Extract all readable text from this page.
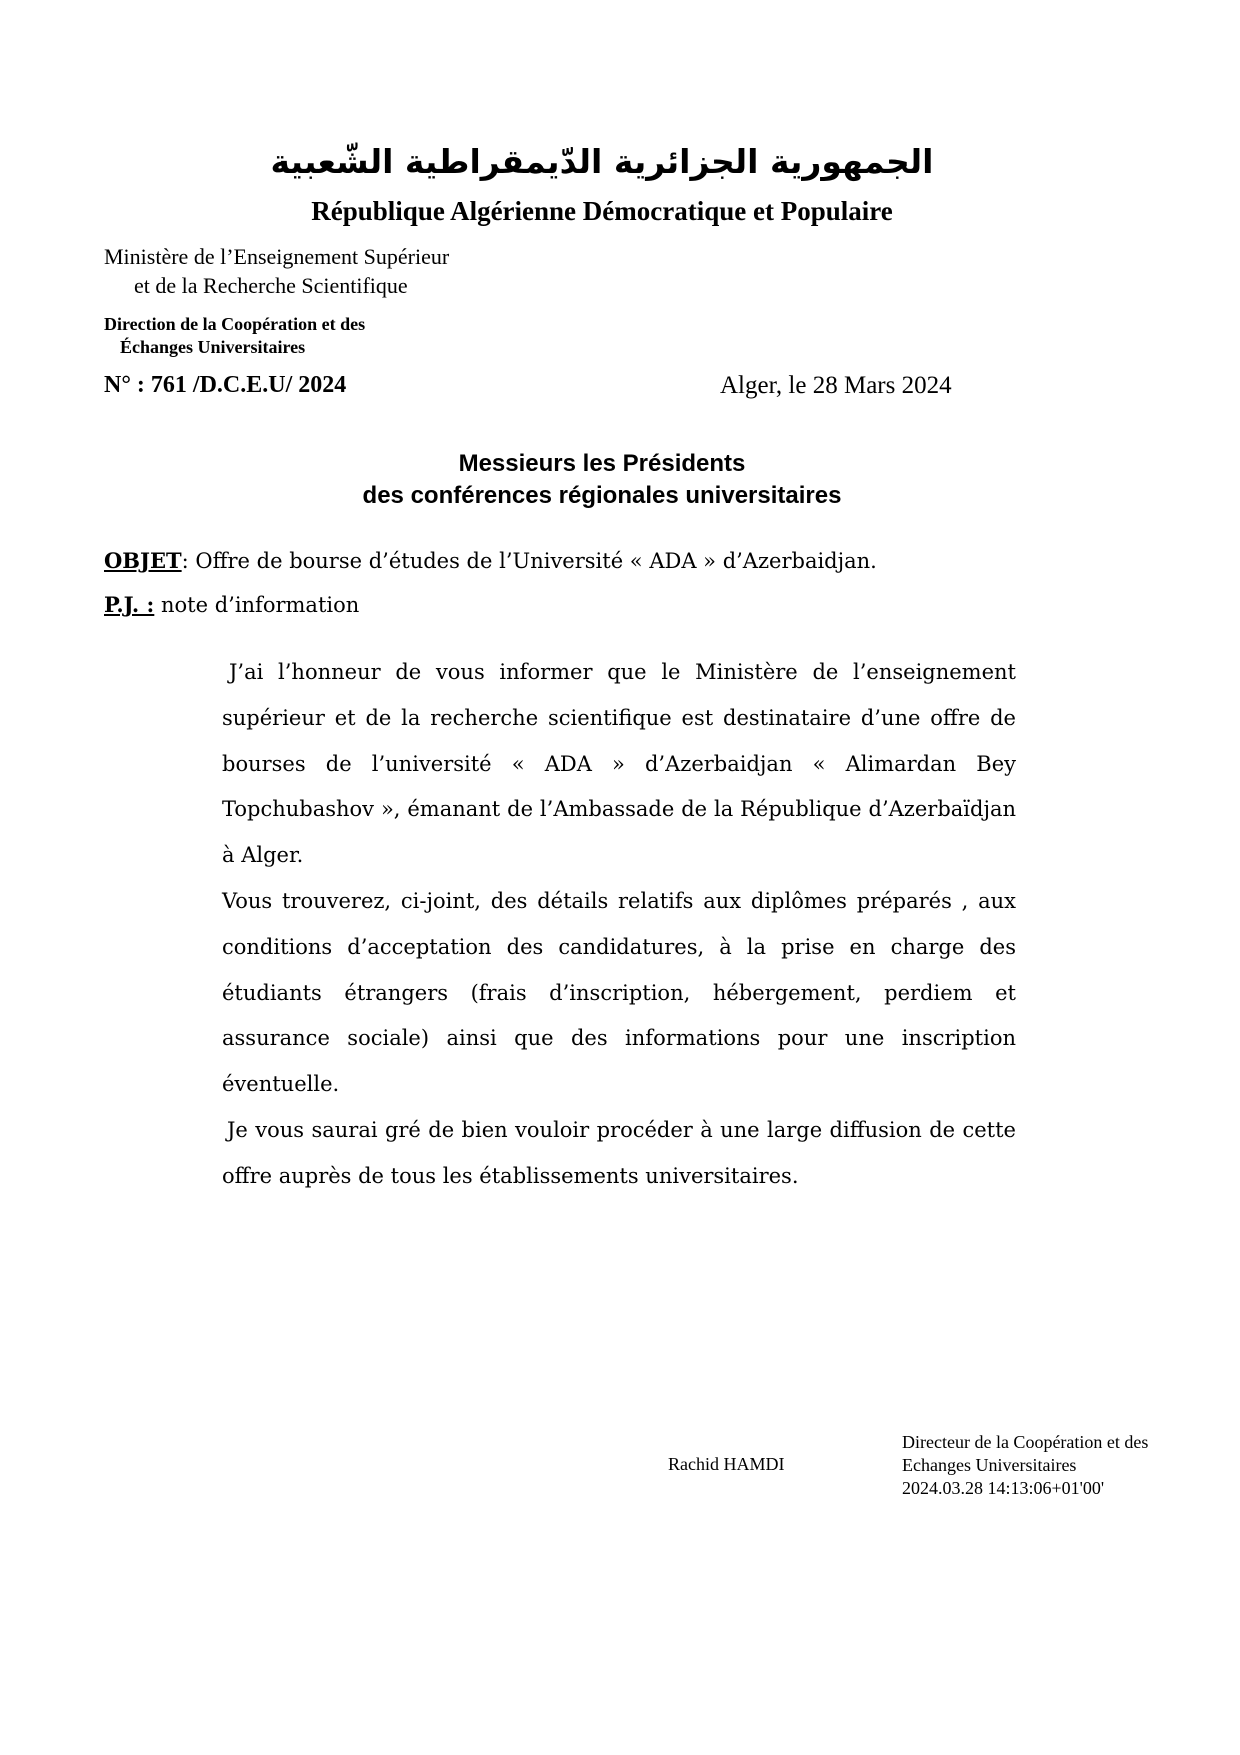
الجمهورية الجزائرية الدّيمقراطية الشّعبية
République Algérienne Démocratique et Populaire
Ministère de l’Enseignement Supérieur
et de la Recherche Scientifique
Direction de la Coopération et des
Échanges Universitaires
N° : 761 /D.C.E.U/ 2024	Alger, le 28 Mars 2024
Messieurs les Présidents
des conférences régionales universitaires
OBJET: Offre de bourse d’études de l’Université « ADA » d’Azerbaidjan.
P.J. : note d’information

J’ai l’honneur de vous informer que le Ministère de l’enseignement supérieur et de la recherche scientifique est destinataire d’une offre de bourses de l’université « ADA » d’Azerbaidjan « Alimardan Bey Topchubashov », émanant de l’Ambassade de la République d’Azerbaïdjan à Alger.

Vous trouverez, ci-joint, des détails relatifs aux diplômes préparés , aux conditions d’acceptation des candidatures, à la prise en charge des étudiants étrangers (frais d’inscription, hébergement, perdiem et assurance sociale) ainsi que des informations pour une inscription éventuelle.

Je vous saurai gré de bien vouloir procéder à une large diffusion de cette offre auprès de tous les établissements universitaires.

Rachid HAMDI
Directeur de la Coopération et des
Echanges Universitaires
2024.03.28 14:13:06+01'00'
